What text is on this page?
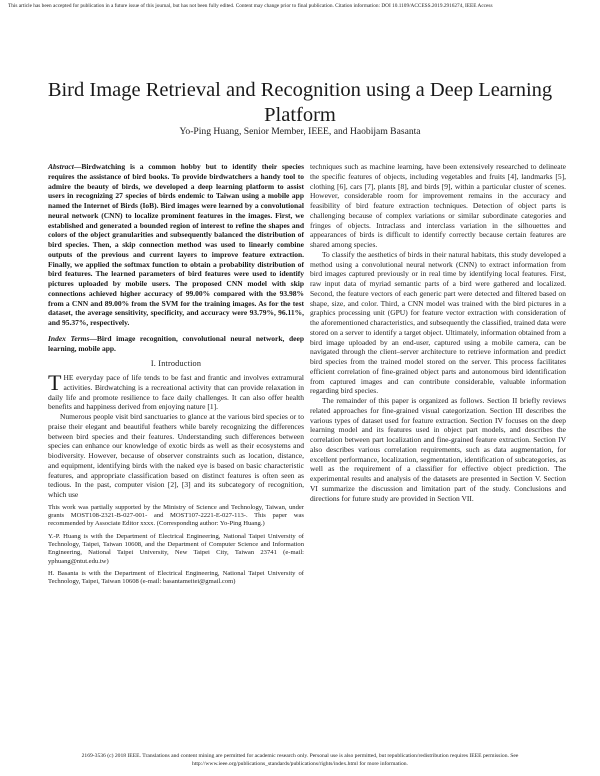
This article has been accepted for publication in a future issue of this journal, but has not been fully edited. Content may change prior to final publication. Citation information: DOI 10.1109/ACCESS.2019.2916274, IEEE Access
Bird Image Retrieval and Recognition using a Deep Learning Platform
Yo-Ping Huang, Senior Member, IEEE, and Haobijam Basanta

Abstract—Birdwatching is a common hobby but to identify their species requires the assistance of bird books. To provide birdwatchers a handy tool to admire the beauty of birds, we developed a deep learning platform to assist users in recognizing 27 species of birds endemic to Taiwan using a mobile app named the Internet of Birds (IoB). Bird images were learned by a convolutional neural network (CNN) to localize prominent features in the images. First, we established and generated a bounded region of interest to refine the shapes and colors of the object granularities and subsequently balanced the distribution of bird species. Then, a skip connection method was used to linearly combine outputs of the previous and current layers to improve feature extraction. Finally, we applied the softmax function to obtain a probability distribution of bird features. The learned parameters of bird features were used to identify pictures uploaded by mobile users. The proposed CNN model with skip connections achieved higher accuracy of 99.00% compared with the 93.98% from a CNN and 89.00% from the SVM for the training images. As for the test dataset, the average sensitivity, specificity, and accuracy were 93.79%, 96.11%, and 95.37%, respectively.

Index Terms—Bird image recognition, convolutional neural network, deep learning, mobile app.

I. Introduction

THE everyday pace of life tends to be fast and frantic and involves extramural activities. Birdwatching is a recreational activity that can provide relaxation in daily life and promote resilience to face daily challenges. It can also offer health benefits and happiness derived from enjoying nature [1].

Numerous people visit bird sanctuaries to glance at the various bird species or to praise their elegant and beautiful feathers while barely recognizing the differences between bird species and their features. Understanding such differences between species can enhance our knowledge of exotic birds as well as their ecosystems and biodiversity. However, because of observer constraints such as location, distance, and equipment, identifying birds with the naked eye is based on basic characteristic features, and appropriate classification based on distinct features is often seen as tedious. In the past, computer vision [2], [3] and its subcategory of recognition, which use

This work was partially supported by the Ministry of Science and Technology, Taiwan, under grants MOST108-2321-B-027-001- and MOST107-2221-E-027-113-. This paper was recommended by Associate Editor xxxx. (Corresponding author: Yo-Ping Huang.)

Y.-P. Huang is with the Department of Electrical Engineering, National Taipei University of Technology, Taipei, Taiwan 10608, and the Department of Computer Science and Information Engineering, National Taipei University, New Taipei City, Taiwan 23741 (e-mail: yphuang@ntut.edu.tw)

H. Basanta is with the Department of Electrical Engineering, National Taipei University of Technology, Taipei, Taiwan 10608 (e-mail: basantameitei@gmail.com)

techniques such as machine learning, have been extensively researched to delineate the specific features of objects, including vegetables and fruits [4], landmarks [5], clothing [6], cars [7], plants [8], and birds [9], within a particular cluster of scenes. However, considerable room for improvement remains in the accuracy and feasibility of bird feature extraction techniques. Detection of object parts is challenging because of complex variations or similar subordinate categories and fringes of objects. Intraclass and interclass variation in the silhouettes and appearances of birds is difficult to identify correctly because certain features are shared among species.

To classify the aesthetics of birds in their natural habitats, this study developed a method using a convolutional neural network (CNN) to extract information from bird images captured previously or in real time by identifying local features. First, raw input data of myriad semantic parts of a bird were gathered and localized. Second, the feature vectors of each generic part were detected and filtered based on shape, size, and color. Third, a CNN model was trained with the bird pictures in a graphics processing unit (GPU) for feature vector extraction with consideration of the aforementioned characteristics, and subsequently the classified, trained data were stored on a server to identify a target object. Ultimately, information obtained from a bird image uploaded by an end-user, captured using a mobile camera, can be navigated through the client–server architecture to retrieve information and predict bird species from the trained model stored on the server. This process facilitates efficient correlation of fine-grained object parts and autonomous bird identification from captured images and can contribute considerable, valuable information regarding bird species.

The remainder of this paper is organized as follows. Section II briefly reviews related approaches for fine-grained visual categorization. Section III describes the various types of dataset used for feature extraction. Section IV focuses on the deep learning model and its features used in object part models, and describes the correlation between part localization and fine-grained feature extraction. Section IV also describes various correlation requirements, such as data augmentation, for excellent performance, localization, segmentation, identification of subcategories, as well as the requirement of a classifier for effective object prediction. The experimental results and analysis of the datasets are presented in Section V. Section VI summarize the discussion and limitation part of the study. Conclusions and directions for future study are provided in Section VII.

2169-3536 (c) 2018 IEEE. Translations and content mining are permitted for academic research only. Personal use is also permitted, but republication/redistribution requires IEEE permission. See
http://www.ieee.org/publications_standards/publications/rights/index.html for more information.
